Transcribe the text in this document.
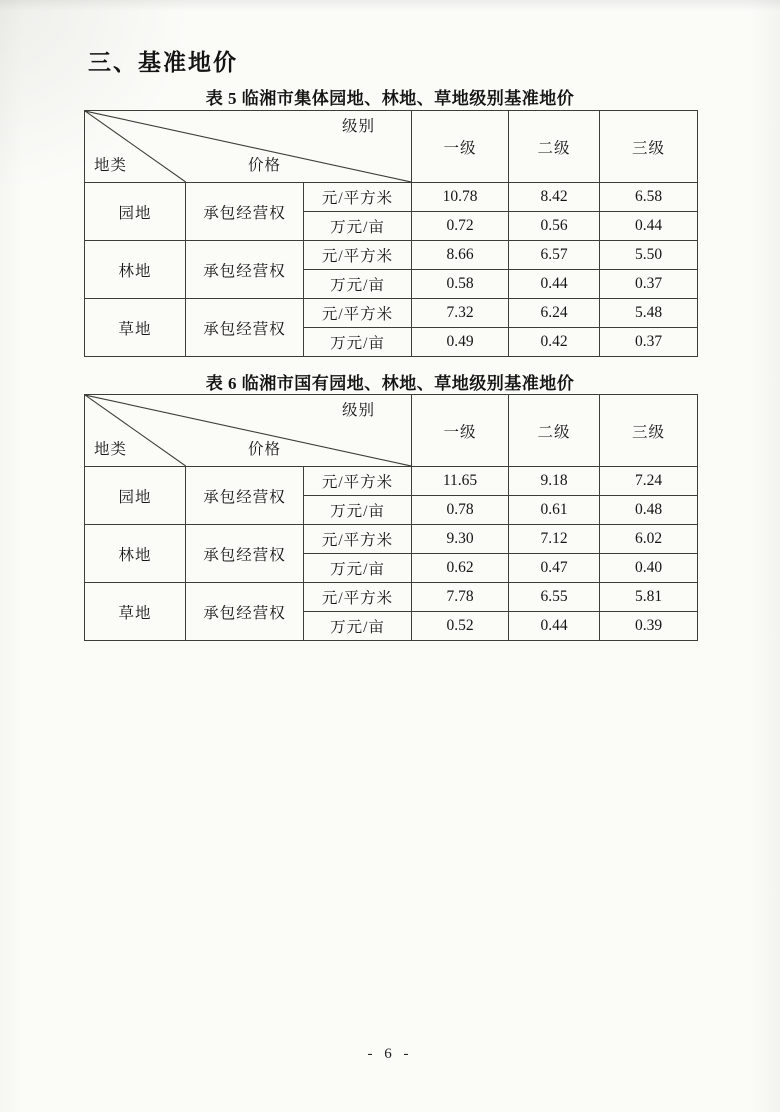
三、基准地价
表 5 临湘市集体园地、林地、草地级别基准地价
级别
价格
地类			一级	二级	三级
园地	承包经营权	元/平方米	10.78	8.42	6.58
		万元/亩	0.72	0.56	0.44
林地	承包经营权	元/平方米	8.66	6.57	5.50
		万元/亩	0.58	0.44	0.37
草地	承包经营权	元/平方米	7.32	6.24	5.48
		万元/亩	0.49	0.42	0.37
表 6 临湘市国有园地、林地、草地级别基准地价
级别
价格
地类			一级	二级	三级
园地	承包经营权	元/平方米	11.65	9.18	7.24
		万元/亩	0.78	0.61	0.48
林地	承包经营权	元/平方米	9.30	7.12	6.02
		万元/亩	0.62	0.47	0.40
草地	承包经营权	元/平方米	7.78	6.55	5.81
		万元/亩	0.52	0.44	0.39
- 6 -
